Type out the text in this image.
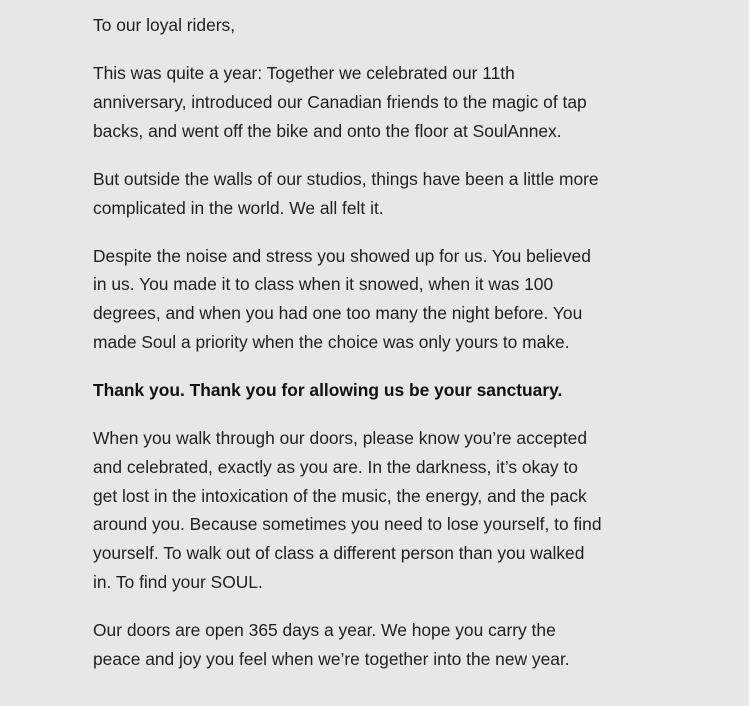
To our loyal riders,

This was quite a year: Together we celebrated our 11th
anniversary, introduced our Canadian friends to the magic of tap
backs, and went off the bike and onto the floor at SoulAnnex.

But outside the walls of our studios, things have been a little more
complicated in the world. We all felt it.

Despite the noise and stress you showed up for us. You believed
in us. You made it to class when it snowed, when it was 100
degrees, and when you had one too many the night before. You
made Soul a priority when the choice was only yours to make.

Thank you. Thank you for allowing us be your sanctuary.

When you walk through our doors, please know you’re accepted
and celebrated, exactly as you are. In the darkness, it’s okay to
get lost in the intoxication of the music, the energy, and the pack
around you. Because sometimes you need to lose yourself, to find
yourself. To walk out of class a different person than you walked
in. To find your SOUL.

Our doors are open 365 days a year. We hope you carry the
peace and joy you feel when we’re together into the new year.
